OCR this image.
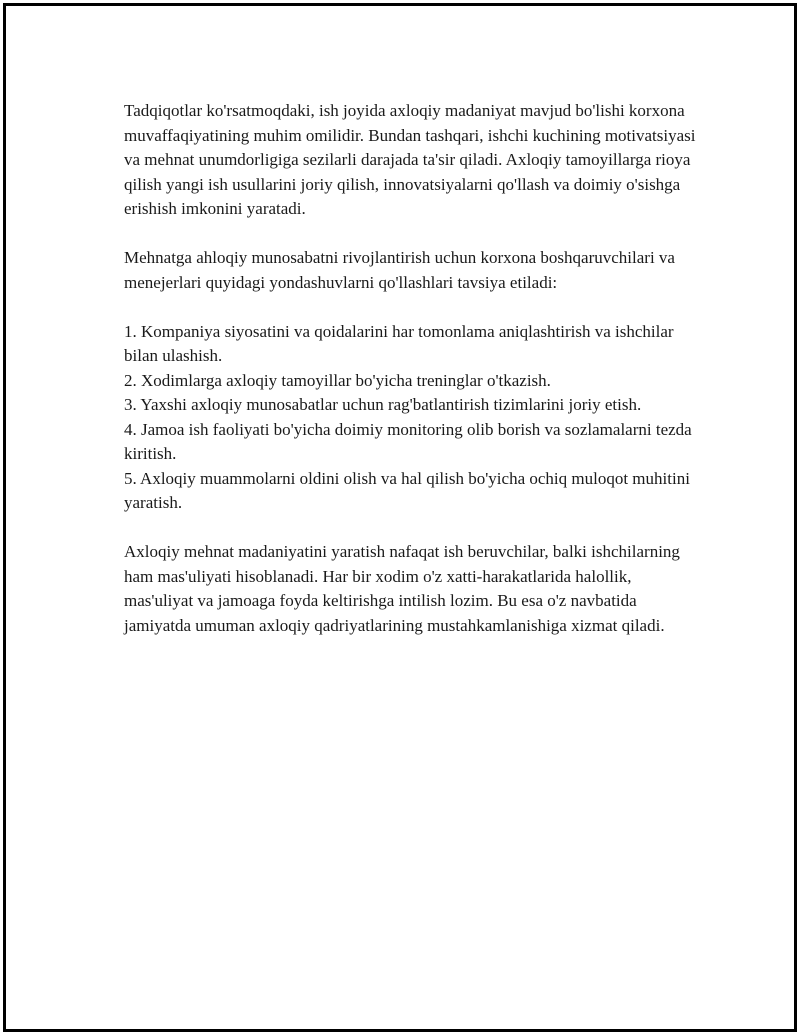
Tadqiqotlar ko'rsatmoqdaki, ish joyida axloqiy madaniyat mavjud bo'lishi korxona muvaffaqiyatining muhim omilidir. Bundan tashqari, ishchi kuchining motivatsiyasi va mehnat unumdorligiga sezilarli darajada ta'sir qiladi. Axloqiy tamoyillarga rioya qilish yangi ish usullarini joriy qilish, innovatsiyalarni qo'llash va doimiy o'sishga erishish imkonini yaratadi.

Mehnatga ahloqiy munosabatni rivojlantirish uchun korxona boshqaruvchilari va menejerlari quyidagi yondashuvlarni qo'llashlari tavsiya etiladi:

1. Kompaniya siyosatini va qoidalarini har tomonlama aniqlashtirish va ishchilar bilan ulashish.
2. Xodimlarga axloqiy tamoyillar bo'yicha treninglar o'tkazish.
3. Yaxshi axloqiy munosabatlar uchun rag'batlantirish tizimlarini joriy etish.
4. Jamoa ish faoliyati bo'yicha doimiy monitoring olib borish va sozlamalarni tezda kiritish.
5. Axloqiy muammolarni oldini olish va hal qilish bo'yicha ochiq muloqot muhitini yaratish.

Axloqiy mehnat madaniyatini yaratish nafaqat ish beruvchilar, balki ishchilarning ham mas'uliyati hisoblanadi. Har bir xodim o'z xatti-harakatlarida halollik, mas'uliyat va jamoaga foyda keltirishga intilish lozim. Bu esa o'z navbatida jamiyatda umuman axloqiy qadriyatlarining mustahkamlanishiga xizmat qiladi.
